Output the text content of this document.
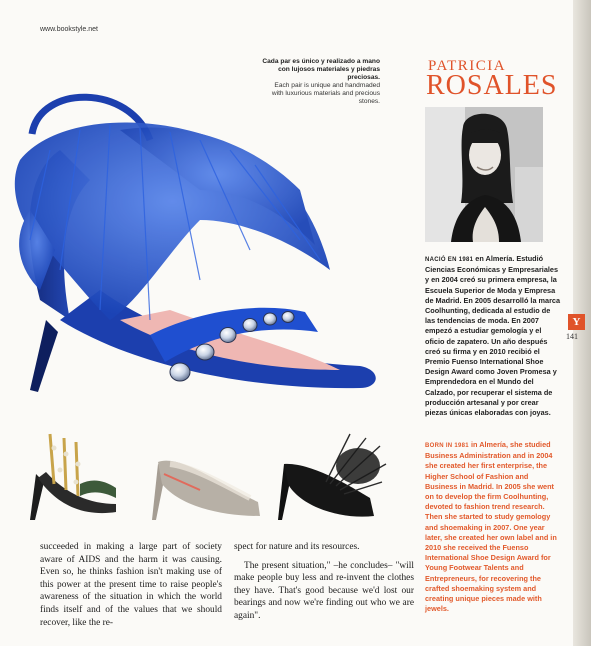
www.bookstyle.net
Cada par es único y realizado a mano con lujosos materiales y piedras preciosas.
Each pair is unique and handmaded with luxurious materials and precious stones.
PATRICIA
ROSALES
NACIÓ EN 1981 en Almería. Estudió Ciencias Económicas y Empresariales y en 2004 creó su primera empresa, la Escuela Superior de Moda y Empresa de Madrid. En 2005 desarrolló la marca Coolhunting, dedicada al estudio de las tendencias de moda. En 2007 empezó a estudiar gemología y el oficio de zapatero. Un año después creó su firma y en 2010 recibió el Premio Fuenso International Shoe Design Award como Joven Promesa y Emprendedora en el Mundo del Calzado, por recuperar el sistema de producción artesanal y por crear piezas únicas elaboradas con joyas.
BORN IN 1981 in Almería, she studied Business Administration and in 2004 she created her first enterprise, the Higher School of Fashion and Business in Madrid. In 2005 she went on to develop the firm Coolhunting, devoted to fashion trend research. Then she started to study gemology and shoemaking in 2007. One year later, she created her own label and in 2010 she received the Fuenso International Shoe Design Award for Young Footwear Talents and Entrepreneurs, for recovering the crafted shoemaking system and creating unique pieces made with jewels.
Y
141

succeeded in making a large part of society aware of AIDS and the harm it was causing. Even so, he thinks fashion isn't making use of this power at the present time to raise people's awareness of the situation in which the world finds itself and of the values that we should recover, like the re-

spect for nature and its resources.

The present situation," –he concludes– "will make people buy less and re-invent the clothes they have. That's good because we'd lost our bearings and now we're finding out who we are again".
